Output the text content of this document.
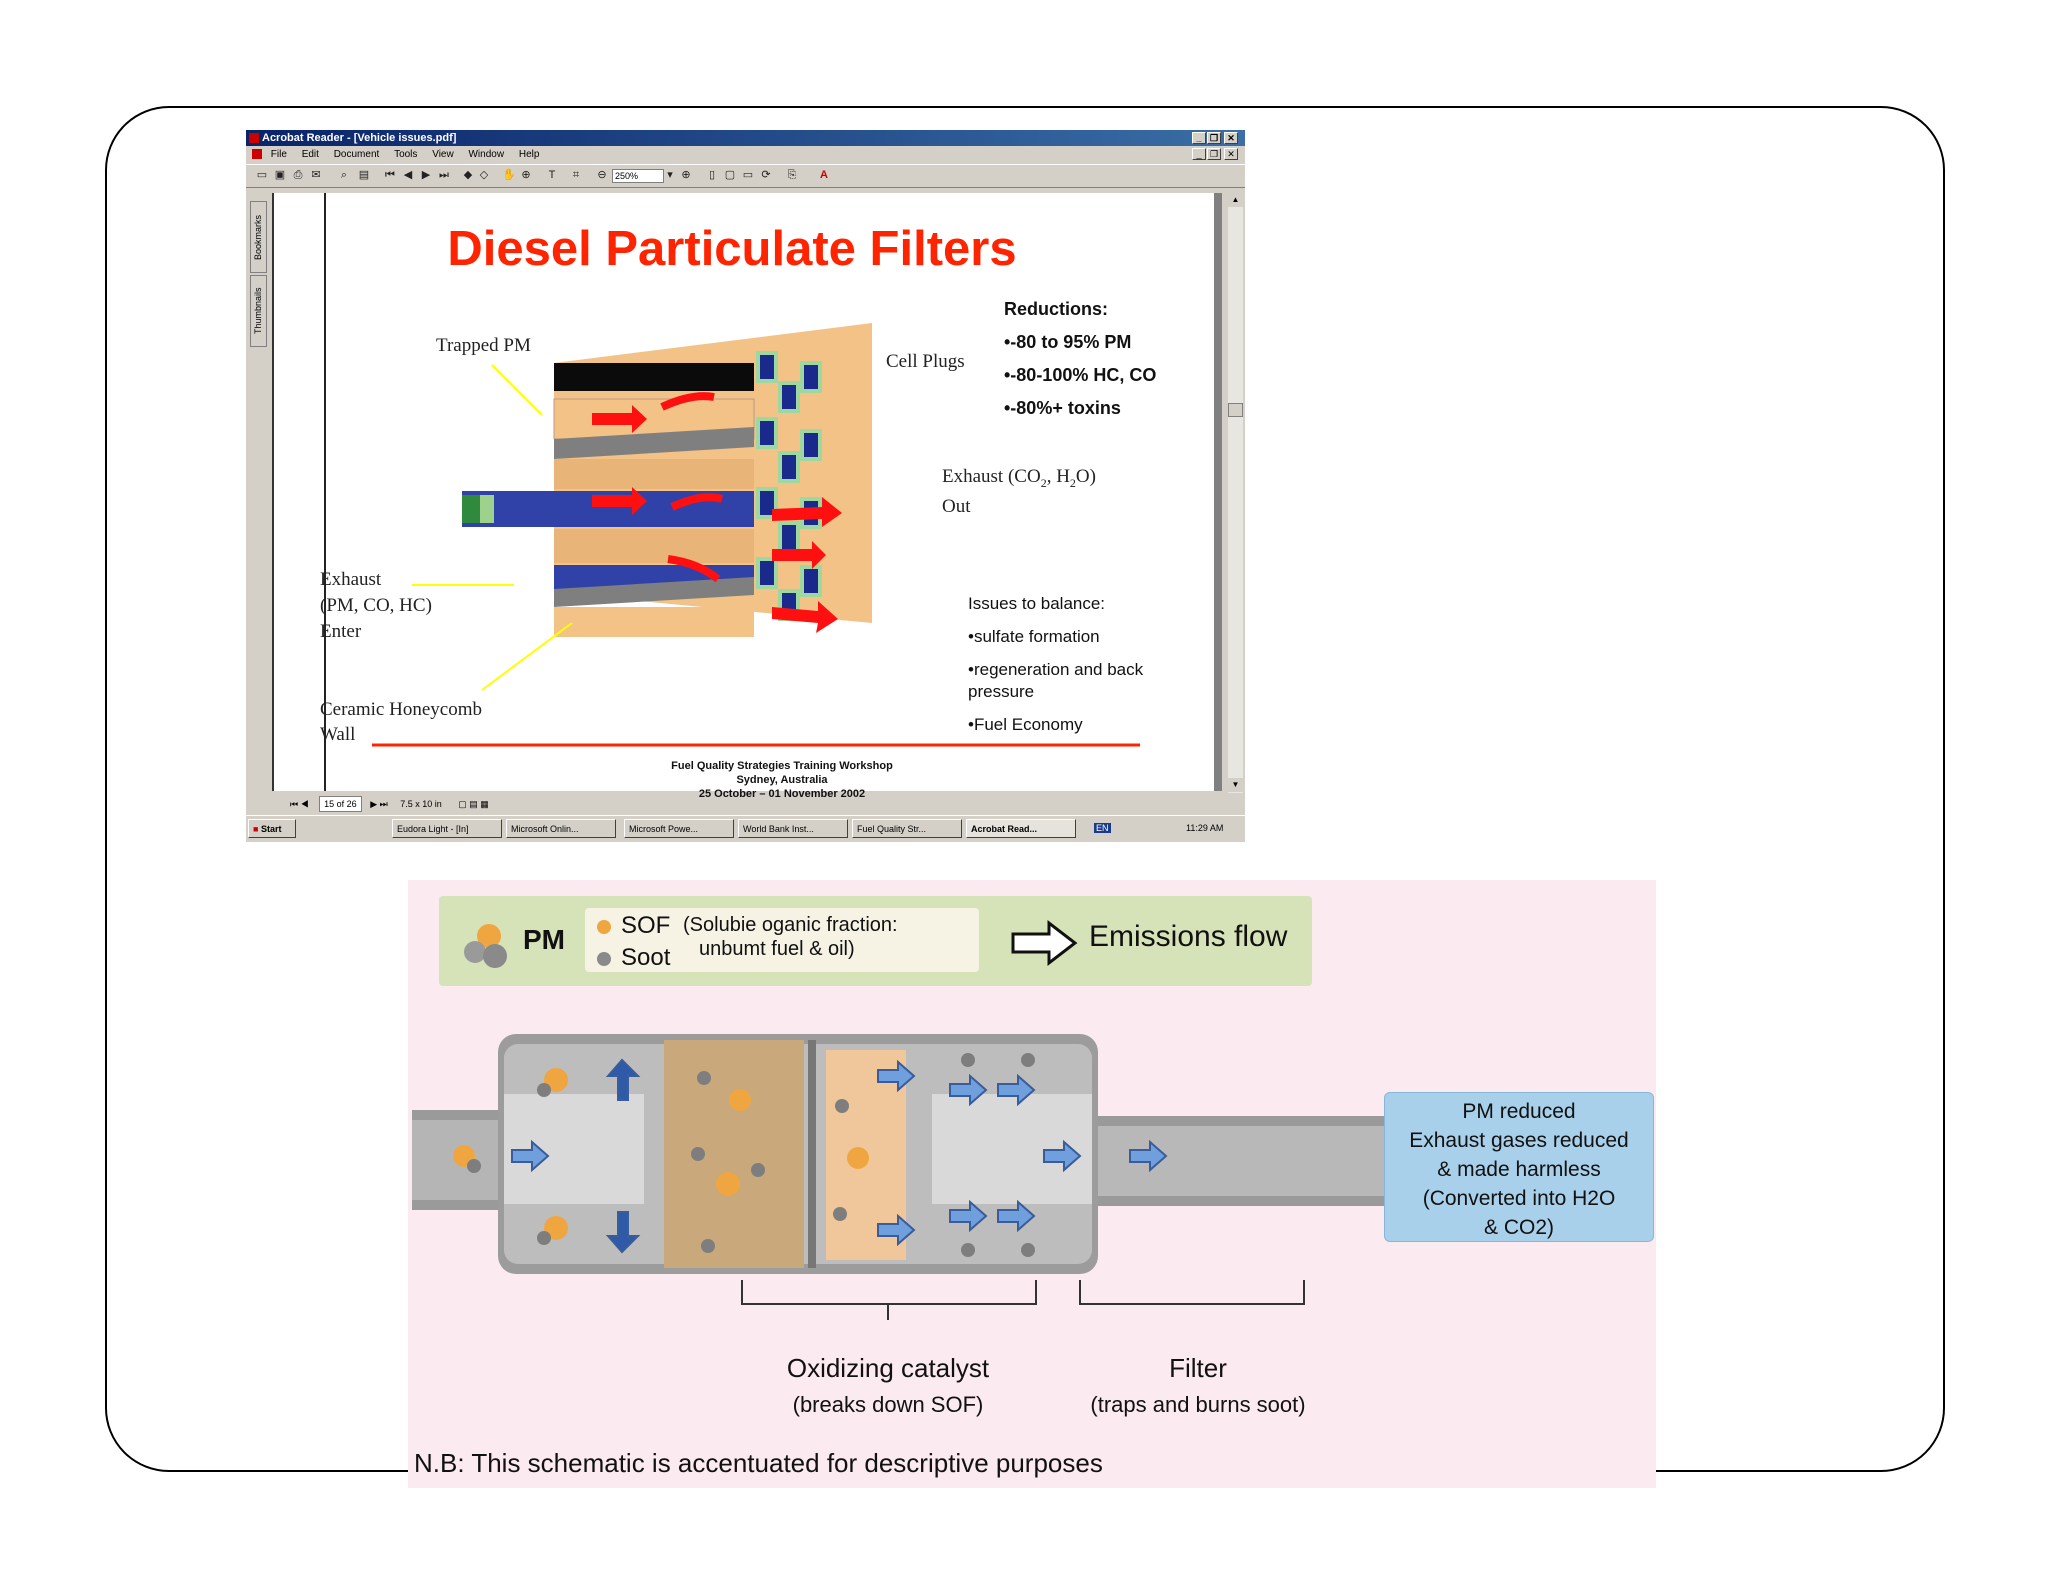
Acrobat Reader - [Vehicle issues.pdf]	_ ❐	✕
File Edit Document Tools View Window Help	_ ❐	✕
▭ ▣ ⎙ ✉ ⌕ ▤ ⏮ ◀ ▶ ⏭ ◆ ◇ ✋ ⊕ T ⌗ ⊖ 250%	▾ ⊕ ▯ ▢ ▭ ⟳ ⎘ A
Bookmarks
Thumbnails
Diesel Particulate Filters
Trapped PM
Cell Plugs
Exhaust ($CO_2$, $H_2O$)
Out
Exhaust
(PM, CO, HC)
Enter
Ceramic Honeycomb
Wall
Reductions:
•-80 to 95% PM
•-80-100% HC, CO
•-80%+ toxins
Issues to balance:
•sulfate formation
•regeneration and back
pressure
•Fuel Economy
Fuel Quality Strategies Training Workshop
Sydney, Australia
25 October – 01 November 2002
▲
▼
⏮ ◀ 15 of 26 ▶ ⏭ 7.5 x 10 in ▢ ▤ ▦
■ Start	Eudora Light - [In]	Microsoft Onlin...	Microsoft Powe...	World Bank Inst...	Fuel Quality Str...	Acrobat Read...	EN	11:29 AM
PM SOF
Soot
(Solubie oganic fraction:
unbumt fuel & oil)	Emissions flow
PM reduced
Exhaust gases reduced
& made harmless
(Converted into H2O
& CO2)
Oxidizing catalyst
(breaks down SOF)
Filter
(traps and burns soot)
N.B: This schematic is accentuated for descriptive purposes
